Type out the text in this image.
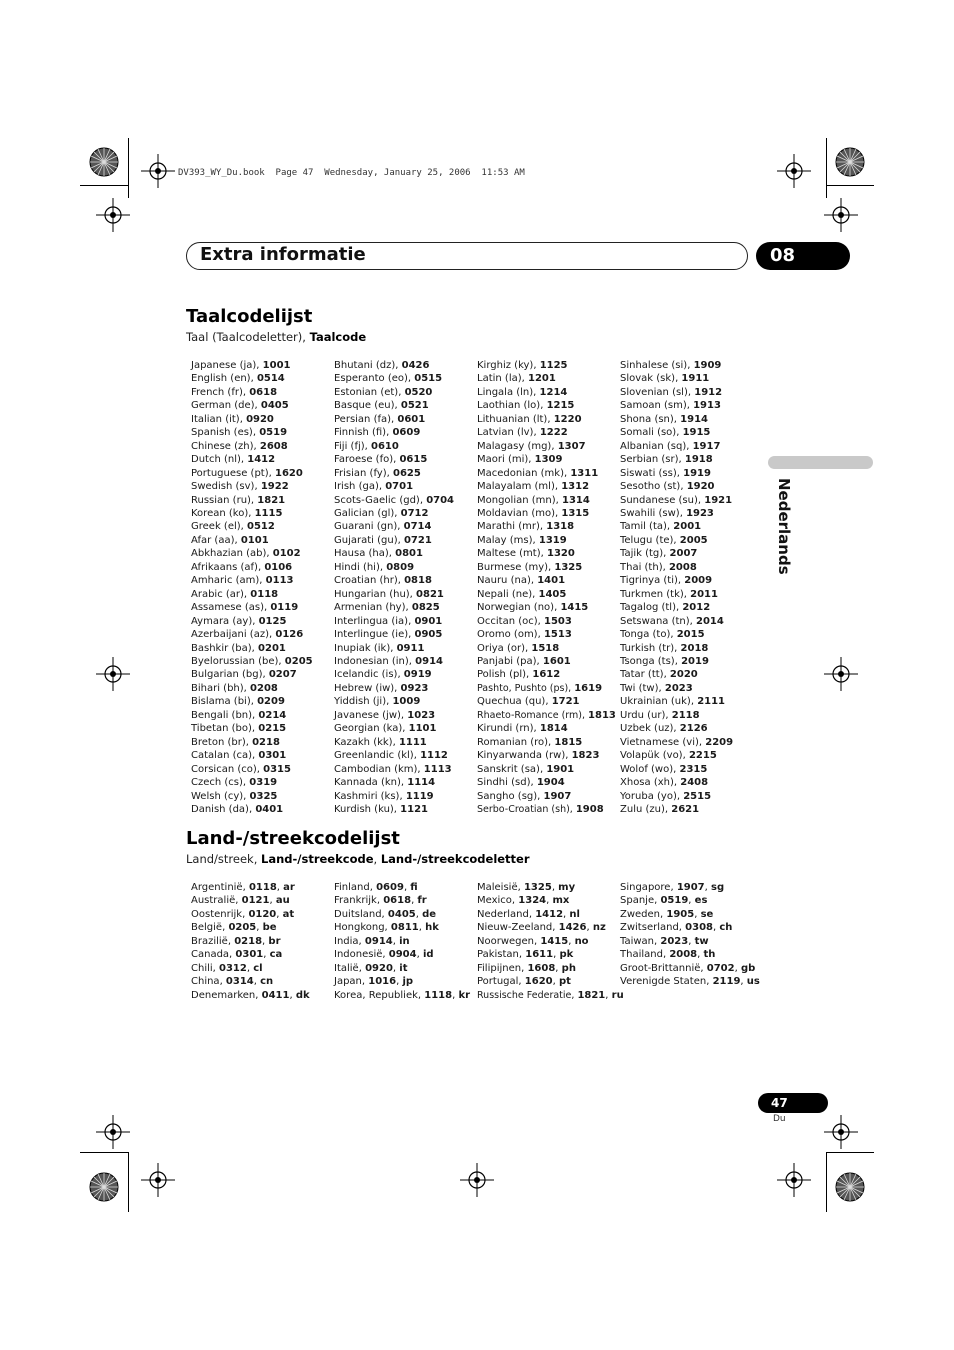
DV393_WY_Du.book  Page 47  Wednesday, January 25, 2006  11:53 AM
Extra informatie	08
Nederlands
Taalcodelijst
Taal (Taalcodeletter), Taalcode
Japanese (ja), 1001
English (en), 0514
French (fr), 0618
German (de), 0405
Italian (it), 0920
Spanish (es), 0519
Chinese (zh), 2608
Dutch (nl), 1412
Portuguese (pt), 1620
Swedish (sv), 1922
Russian (ru), 1821
Korean (ko), 1115
Greek (el), 0512
Afar (aa), 0101
Abkhazian (ab), 0102
Afrikaans (af), 0106
Amharic (am), 0113
Arabic (ar), 0118
Assamese (as), 0119
Aymara (ay), 0125
Azerbaijani (az), 0126
Bashkir (ba), 0201
Byelorussian (be), 0205
Bulgarian (bg), 0207
Bihari (bh), 0208
Bislama (bi), 0209
Bengali (bn), 0214
Tibetan (bo), 0215
Breton (br), 0218
Catalan (ca), 0301
Corsican (co), 0315
Czech (cs), 0319
Welsh (cy), 0325
Danish (da), 0401
Bhutani (dz), 0426
Esperanto (eo), 0515
Estonian (et), 0520
Basque (eu), 0521
Persian (fa), 0601
Finnish (fi), 0609
Fiji (fj), 0610
Faroese (fo), 0615
Frisian (fy), 0625
Irish (ga), 0701
Scots-Gaelic (gd), 0704
Galician (gl), 0712
Guarani (gn), 0714
Gujarati (gu), 0721
Hausa (ha), 0801
Hindi (hi), 0809
Croatian (hr), 0818
Hungarian (hu), 0821
Armenian (hy), 0825
Interlingua (ia), 0901
Interlingue (ie), 0905
Inupiak (ik), 0911
Indonesian (in), 0914
Icelandic (is), 0919
Hebrew (iw), 0923
Yiddish (ji), 1009
Javanese (jw), 1023
Georgian (ka), 1101
Kazakh (kk), 1111
Greenlandic (kl), 1112
Cambodian (km), 1113
Kannada (kn), 1114
Kashmiri (ks), 1119
Kurdish (ku), 1121
Kirghiz (ky), 1125
Latin (la), 1201
Lingala (ln), 1214
Laothian (lo), 1215
Lithuanian (lt), 1220
Latvian (lv), 1222
Malagasy (mg), 1307
Maori (mi), 1309
Macedonian (mk), 1311
Malayalam (ml), 1312
Mongolian (mn), 1314
Moldavian (mo), 1315
Marathi (mr), 1318
Malay (ms), 1319
Maltese (mt), 1320
Burmese (my), 1325
Nauru (na), 1401
Nepali (ne), 1405
Norwegian (no), 1415
Occitan (oc), 1503
Oromo (om), 1513
Oriya (or), 1518
Panjabi (pa), 1601
Polish (pl), 1612
Pashto, Pushto (ps), 1619
Quechua (qu), 1721
Rhaeto-Romance (rm), 1813
Kirundi (rn), 1814
Romanian (ro), 1815
Kinyarwanda (rw), 1823
Sanskrit (sa), 1901
Sindhi (sd), 1904
Sangho (sg), 1907
Serbo-Croatian (sh), 1908
Sinhalese (si), 1909
Slovak (sk), 1911
Slovenian (sl), 1912
Samoan (sm), 1913
Shona (sn), 1914
Somali (so), 1915
Albanian (sq), 1917
Serbian (sr), 1918
Siswati (ss), 1919
Sesotho (st), 1920
Sundanese (su), 1921
Swahili (sw), 1923
Tamil (ta), 2001
Telugu (te), 2005
Tajik (tg), 2007
Thai (th), 2008
Tigrinya (ti), 2009
Turkmen (tk), 2011
Tagalog (tl), 2012
Setswana (tn), 2014
Tonga (to), 2015
Turkish (tr), 2018
Tsonga (ts), 2019
Tatar (tt), 2020
Twi (tw), 2023
Ukrainian (uk), 2111
Urdu (ur), 2118
Uzbek (uz), 2126
Vietnamese (vi), 2209
Volapük (vo), 2215
Wolof (wo), 2315
Xhosa (xh), 2408
Yoruba (yo), 2515
Zulu (zu), 2621
Land-/streekcodelijst
Land/streek, Land-/streekcode, Land-/streekcodeletter
Argentinië, 0118, ar
Australië, 0121, au
Oostenrijk, 0120, at
België, 0205, be
Brazilië, 0218, br
Canada, 0301, ca
Chili, 0312, cl
China, 0314, cn
Denemarken, 0411, dk
Finland, 0609, fi
Frankrijk, 0618, fr
Duitsland, 0405, de
Hongkong, 0811, hk
India, 0914, in
Indonesië, 0904, id
Italië, 0920, it
Japan, 1016, jp
Korea, Republiek, 1118, kr
Maleisië, 1325, my
Mexico, 1324, mx
Nederland, 1412, nl
Nieuw-Zeeland, 1426, nz
Noorwegen, 1415, no
Pakistan, 1611, pk
Filipijnen, 1608, ph
Portugal, 1620, pt
Russische Federatie, 1821, ru
Singapore, 1907, sg
Spanje, 0519, es
Zweden, 1905, se
Zwitserland, 0308, ch
Taiwan, 2023, tw
Thailand, 2008, th
Groot-Brittannië, 0702, gb
Verenigde Staten, 2119, us
47
Du
